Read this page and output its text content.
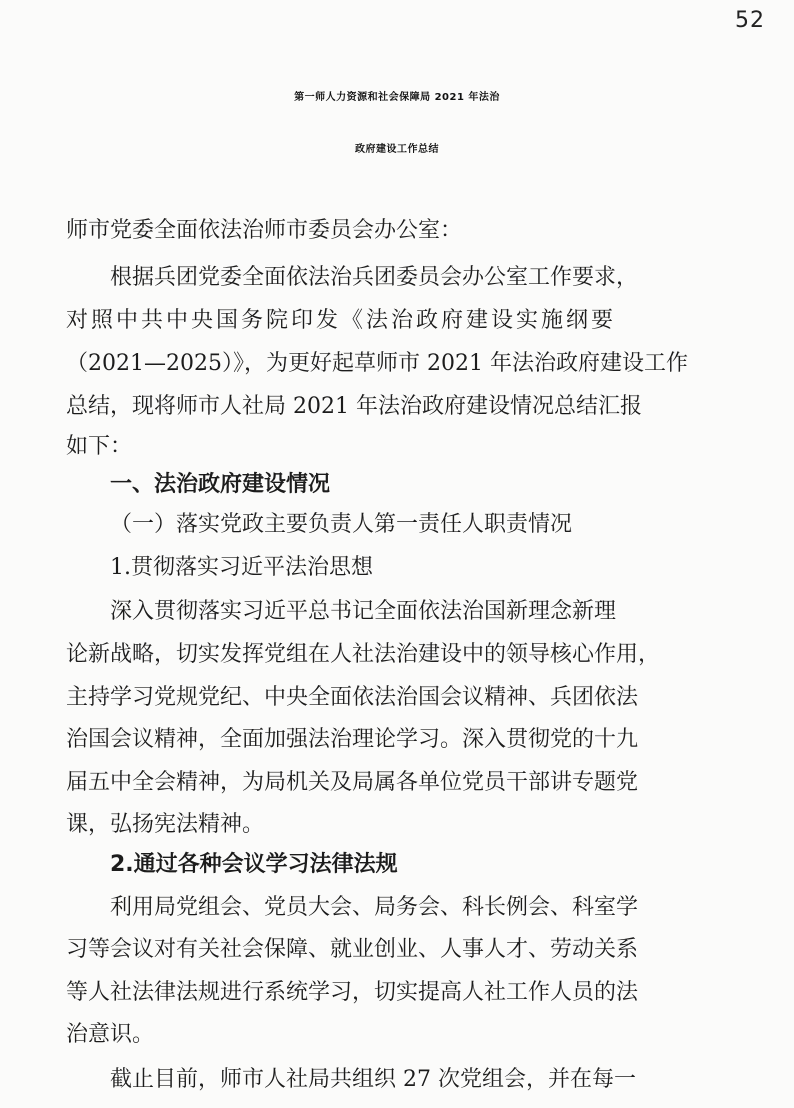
52
第一师人力资源和社会保障局 2021 年法治
政府建设工作总结
师市党委全面依法治师市委员会办公室：
根据兵团党委全面依法治兵团委员会办公室工作要求，
对照中共中央国务院印发《法治政府建设实施纲要
（2021—2025）》，为更好起草师市 2021 年法治政府建设工作
总结，现将师市人社局 2021 年法治政府建设情况总结汇报
如下：
一、法治政府建设情况
（一）落实党政主要负责人第一责任人职责情况
1.贯彻落实习近平法治思想
深入贯彻落实习近平总书记全面依法治国新理念新理
论新战略，切实发挥党组在人社法治建设中的领导核心作用，
主持学习党规党纪、中央全面依法治国会议精神、兵团依法
治国会议精神，全面加强法治理论学习。深入贯彻党的十九
届五中全会精神，为局机关及局属各单位党员干部讲专题党
课，弘扬宪法精神。
2.通过各种会议学习法律法规
利用局党组会、党员大会、局务会、科长例会、科室学
习等会议对有关社会保障、就业创业、人事人才、劳动关系
等人社法律法规进行系统学习，切实提高人社工作人员的法
治意识。
截止目前，师市人社局共组织 27 次党组会，并在每一
